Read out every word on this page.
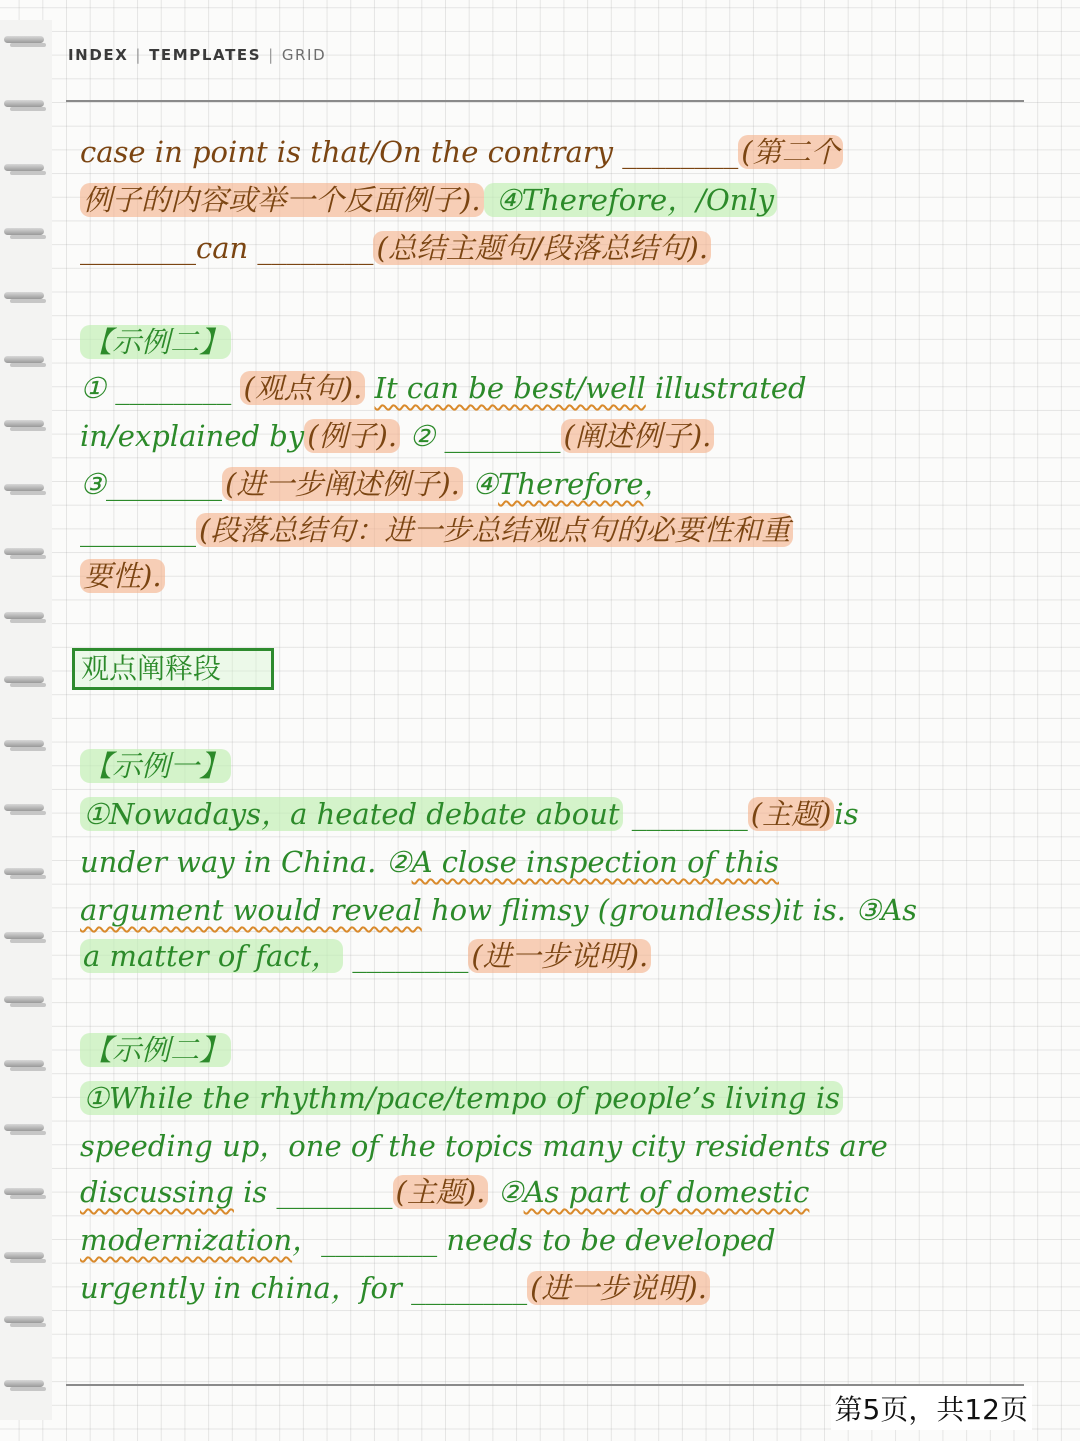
INDEX | TEMPLATES | GRID
case in point is that/On the contrary ________ (第二个
例子的内容或举一个反面例子). ④Therefore，/Only
________can ________ (总结主题句/段落总结句).
【示例二】
① ________ (观点句). It can be best/well illustrated
in/explained by (例子). ② ________ (阐述例子).
③________ (进一步阐述例子). ④Therefore，
________ (段落总结句：进一步总结观点句的必要性和重
要性).
【示例一】
①Nowadays，a heated debate about ________ (主题) is
under way in China. ②A close inspection of this
argument would reveal how flimsy (groundless)it is. ③As
a matter of fact， ________ (进一步说明).
【示例二】
①While the rhythm/pace/tempo of people’s living is
speeding up，one of the topics many city residents are
discussing is ________ (主题). ②As part of domestic
modernization，________ needs to be developed
urgently in china，for ________ (进一步说明).
观点阐释段
第5页，共12页
